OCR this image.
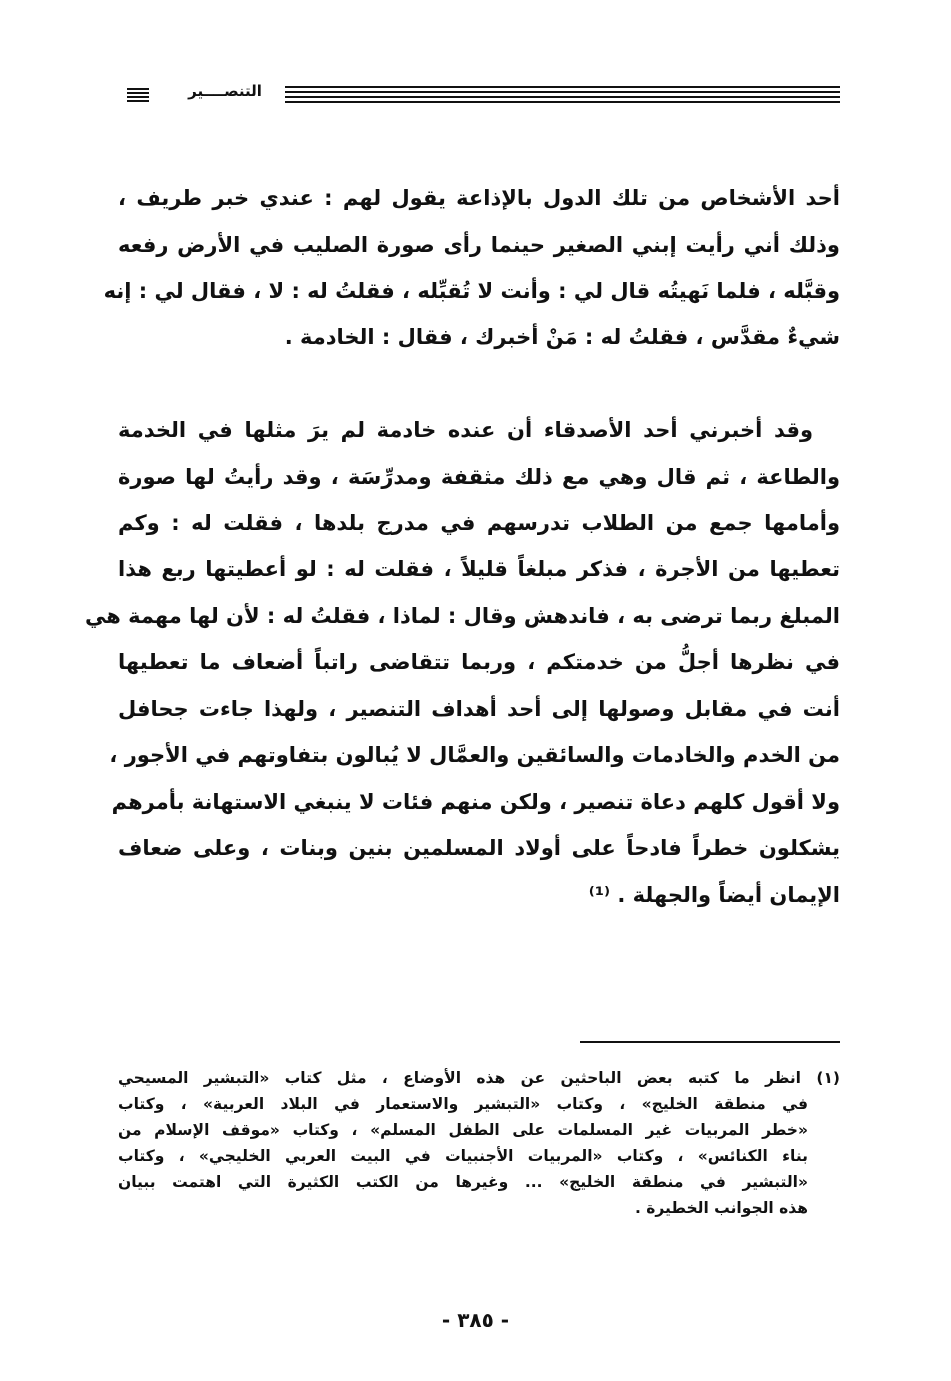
التنصــــير
أحد الأشخاص من تلك الدول بالإذاعة يقول لهم : عندي خبر طريف ،
وذلك أني رأيت إبني الصغير حينما رأى صورة الصليب في الأرض رفعه
وقبَّله ، فلما نَهيتُه قال لي : وأنت لا تُقبِّله ، فقلتُ له : لا ، فقال لي : إنه
شيءٌ مقدَّس ، فقلتُ له : مَنْ أخبرك ، فقال : الخادمة .
وقد أخبرني أحد الأصدقاء أن عنده خادمة لم يرَ مثلها في الخدمة
والطاعة ، ثم قال وهي مع ذلك مثقفة ومدرِّسَة ، وقد رأيتُ لها صورة
وأمامها جمع من الطلاب تدرسهم في مدرج بلدها ، فقلت له : وكم
تعطيها من الأجرة ، فذكر مبلغاً قليلاً ، فقلت له : لو أعطيتها ربع هذا
المبلغ ربما ترضى به ، فاندهش وقال : لماذا ، فقلتُ له : لأن لها مهمة هي
في نظرها أجلُّ من خدمتكم ، وربما تتقاضى راتباً أضعاف ما تعطيها
أنت في مقابل وصولها إلى أحد أهداف التنصير ، ولهذا جاءت جحافل
من الخدم والخادمات والسائقين والعمَّال لا يُبالون بتفاوتهم في الأجور ،
ولا أقول كلهم دعاة تنصير ، ولكن منهم فئات لا ينبغي الاستهانة بأمرهم
يشكلون خطراً فادحاً على أولاد المسلمين بنين وبنات ، وعلى ضعاف
الإيمان أيضاً والجهلة . ⁽¹⁾
(١) انظر ما كتبه بعض الباحثين عن هذه الأوضاع ، مثل كتاب «التبشير المسيحي
في منطقة الخليج» ، وكتاب «التبشير والاستعمار في البلاد العربية» ، وكتاب
«خطر المربيات غير المسلمات على الطفل المسلم» ، وكتاب «موقف الإسلام من
بناء الكنائس» ، وكتاب «المربيات الأجنبيات في البيت العربي الخليجي» ، وكتاب
«التبشير في منطقة الخليج» ... وغيرها من الكتب الكثيرة التي اهتمت ببيان
هذه الجوانب الخطيرة .
- ٣٨٥ -
